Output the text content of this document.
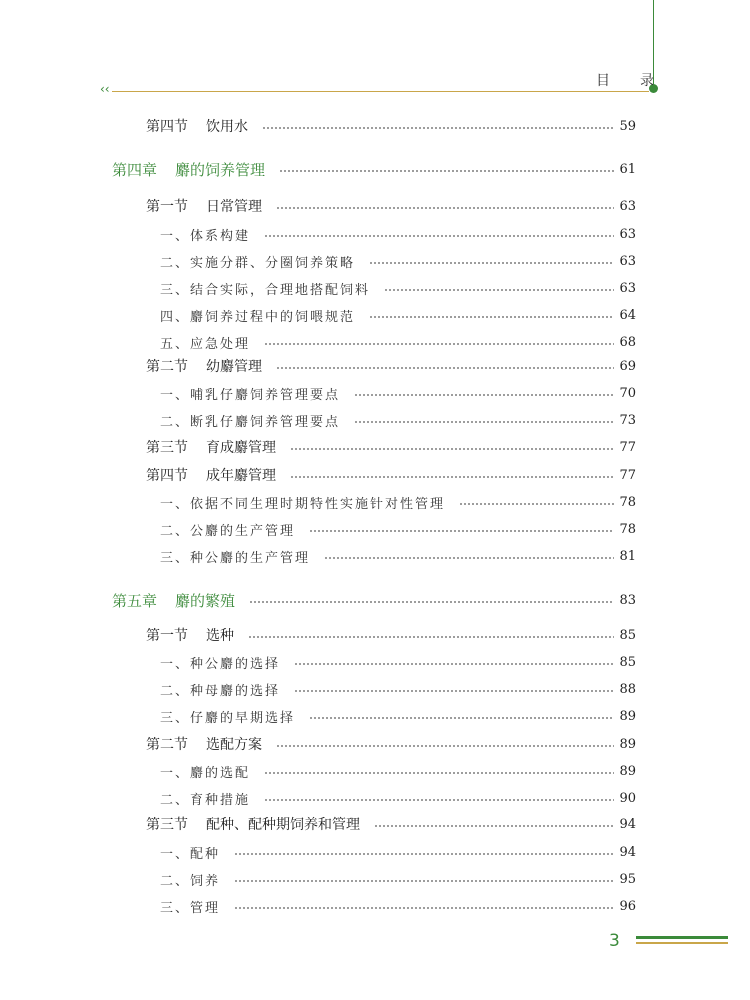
‹‹	目　录
第四节 饮用水	59
第四章 麝的饲养管理	61
第一节 日常管理	63
一、体系构建	63
二、实施分群、分圈饲养策略	63
三、结合实际，合理地搭配饲料	63
四、麝饲养过程中的饲喂规范	64
五、应急处理	68
第二节 幼麝管理	69
一、哺乳仔麝饲养管理要点	70
二、断乳仔麝饲养管理要点	73
第三节 育成麝管理	77
第四节 成年麝管理	77
一、依据不同生理时期特性实施针对性管理	78
二、公麝的生产管理	78
三、种公麝的生产管理	81
第五章 麝的繁殖	83
第一节 选种	85
一、种公麝的选择	85
二、种母麝的选择	88
三、仔麝的早期选择	89
第二节 选配方案	89
一、麝的选配	89
二、育种措施	90
第三节 配种、配种期饲养和管理	94
一、配种	94
二、饲养	95
三、管理	96
3
